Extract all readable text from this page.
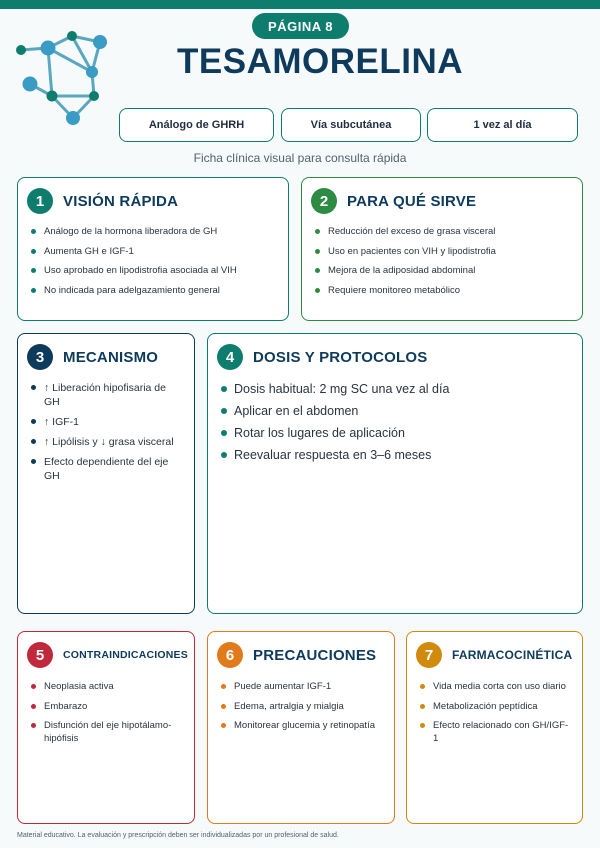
PÁGINA 8
TESAMORELINA
Análogo de GHRH	Vía subcutánea	1 vez al día
Ficha clínica visual para consulta rápida
1	VISIÓN RÁPIDA
Análogo de la hormona liberadora de GH
Aumenta GH e IGF-1
Uso aprobado en lipodistrofia asociada al VIH
No indicada para adelgazamiento general
2	PARA QUÉ SIRVE
Reducción del exceso de grasa visceral
Uso en pacientes con VIH y lipodistrofia
Mejora de la adiposidad abdominal
Requiere monitoreo metabólico
3	MECANISMO
↑ Liberación hipofisaria de GH
↑ IGF-1
↑ Lipólisis y ↓ grasa visceral
Efecto dependiente del eje GH
4	DOSIS Y PROTOCOLOS
Dosis habitual: 2 mg SC una vez al día
Aplicar en el abdomen
Rotar los lugares de aplicación
Reevaluar respuesta en 3–6 meses
5	CONTRAINDICACIONES
Neoplasia activa
Embarazo
Disfunción del eje hipotálamo-hipófisis
6	PRECAUCIONES
Puede aumentar IGF-1
Edema, artralgia y mialgia
Monitorear glucemia y retinopatía
7	FARMACOCINÉTICA
Vida media corta con uso diario
Metabolización peptídica
Efecto relacionado con GH/IGF-1
Material educativo. La evaluación y prescripción deben ser individualizadas por un profesional de salud.
